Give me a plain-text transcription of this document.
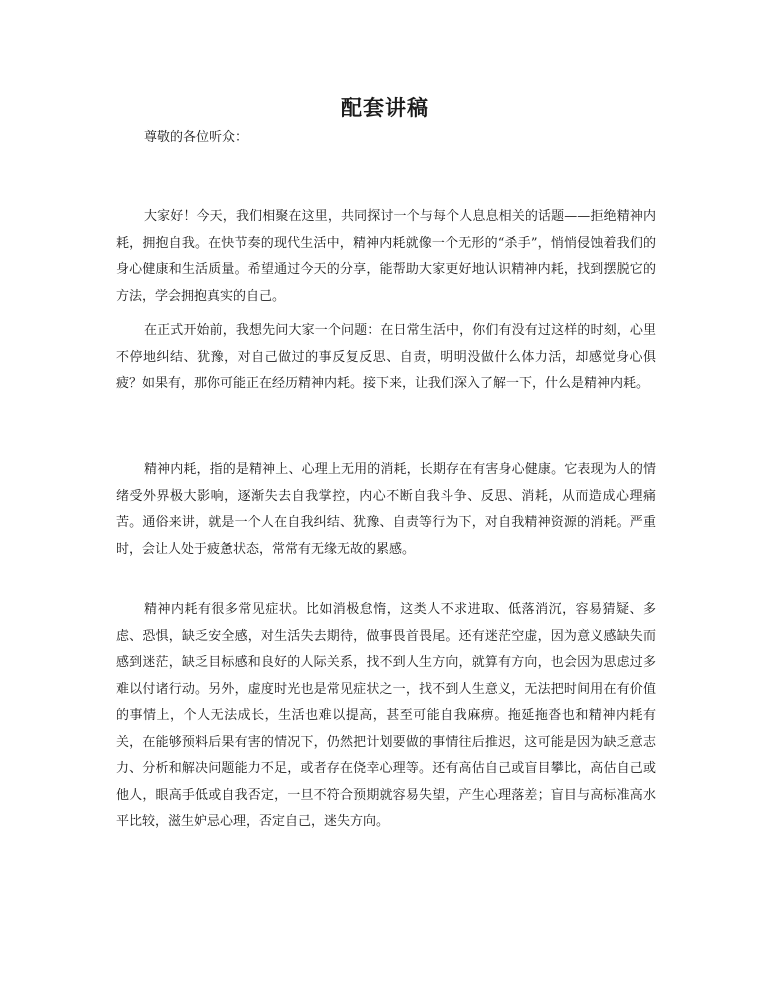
配套讲稿

尊敬的各位听众：

大家好！今天，我们相聚在这里，共同探讨一个与每个人息息相关的话题——拒绝精神内耗，拥抱自我。在快节奏的现代生活中，精神内耗就像一个无形的“杀手”，悄悄侵蚀着我们的身心健康和生活质量。希望通过今天的分享，能帮助大家更好地认识精神内耗，找到摆脱它的方法，学会拥抱真实的自己。

在正式开始前，我想先问大家一个问题：在日常生活中，你们有没有过这样的时刻，心里不停地纠结、犹豫，对自己做过的事反复反思、自责，明明没做什么体力活，却感觉身心俱疲？如果有，那你可能正在经历精神内耗。接下来，让我们深入了解一下，什么是精神内耗。

精神内耗，指的是精神上、心理上无用的消耗，长期存在有害身心健康。它表现为人的情绪受外界极大影响，逐渐失去自我掌控，内心不断自我斗争、反思、消耗，从而造成心理痛苦。通俗来讲，就是一个人在自我纠结、犹豫、自责等行为下，对自我精神资源的消耗。严重时，会让人处于疲惫状态，常常有无缘无故的累感。

精神内耗有很多常见症状。比如消极怠惰，这类人不求进取、低落消沉，容易猜疑、多虑、恐惧，缺乏安全感，对生活失去期待，做事畏首畏尾。还有迷茫空虚，因为意义感缺失而感到迷茫，缺乏目标感和良好的人际关系，找不到人生方向，就算有方向，也会因为思虑过多难以付诸行动。另外，虚度时光也是常见症状之一，找不到人生意义，无法把时间用在有价值的事情上，个人无法成长，生活也难以提高，甚至可能自我麻痹。拖延拖沓也和精神内耗有关，在能够预料后果有害的情况下，仍然把计划要做的事情往后推迟，这可能是因为缺乏意志力、分析和解决问题能力不足，或者存在侥幸心理等。还有高估自己或盲目攀比，高估自己或他人，眼高手低或自我否定，一旦不符合预期就容易失望，产生心理落差；盲目与高标准高水平比较，滋生妒忌心理，否定自己，迷失方向。
